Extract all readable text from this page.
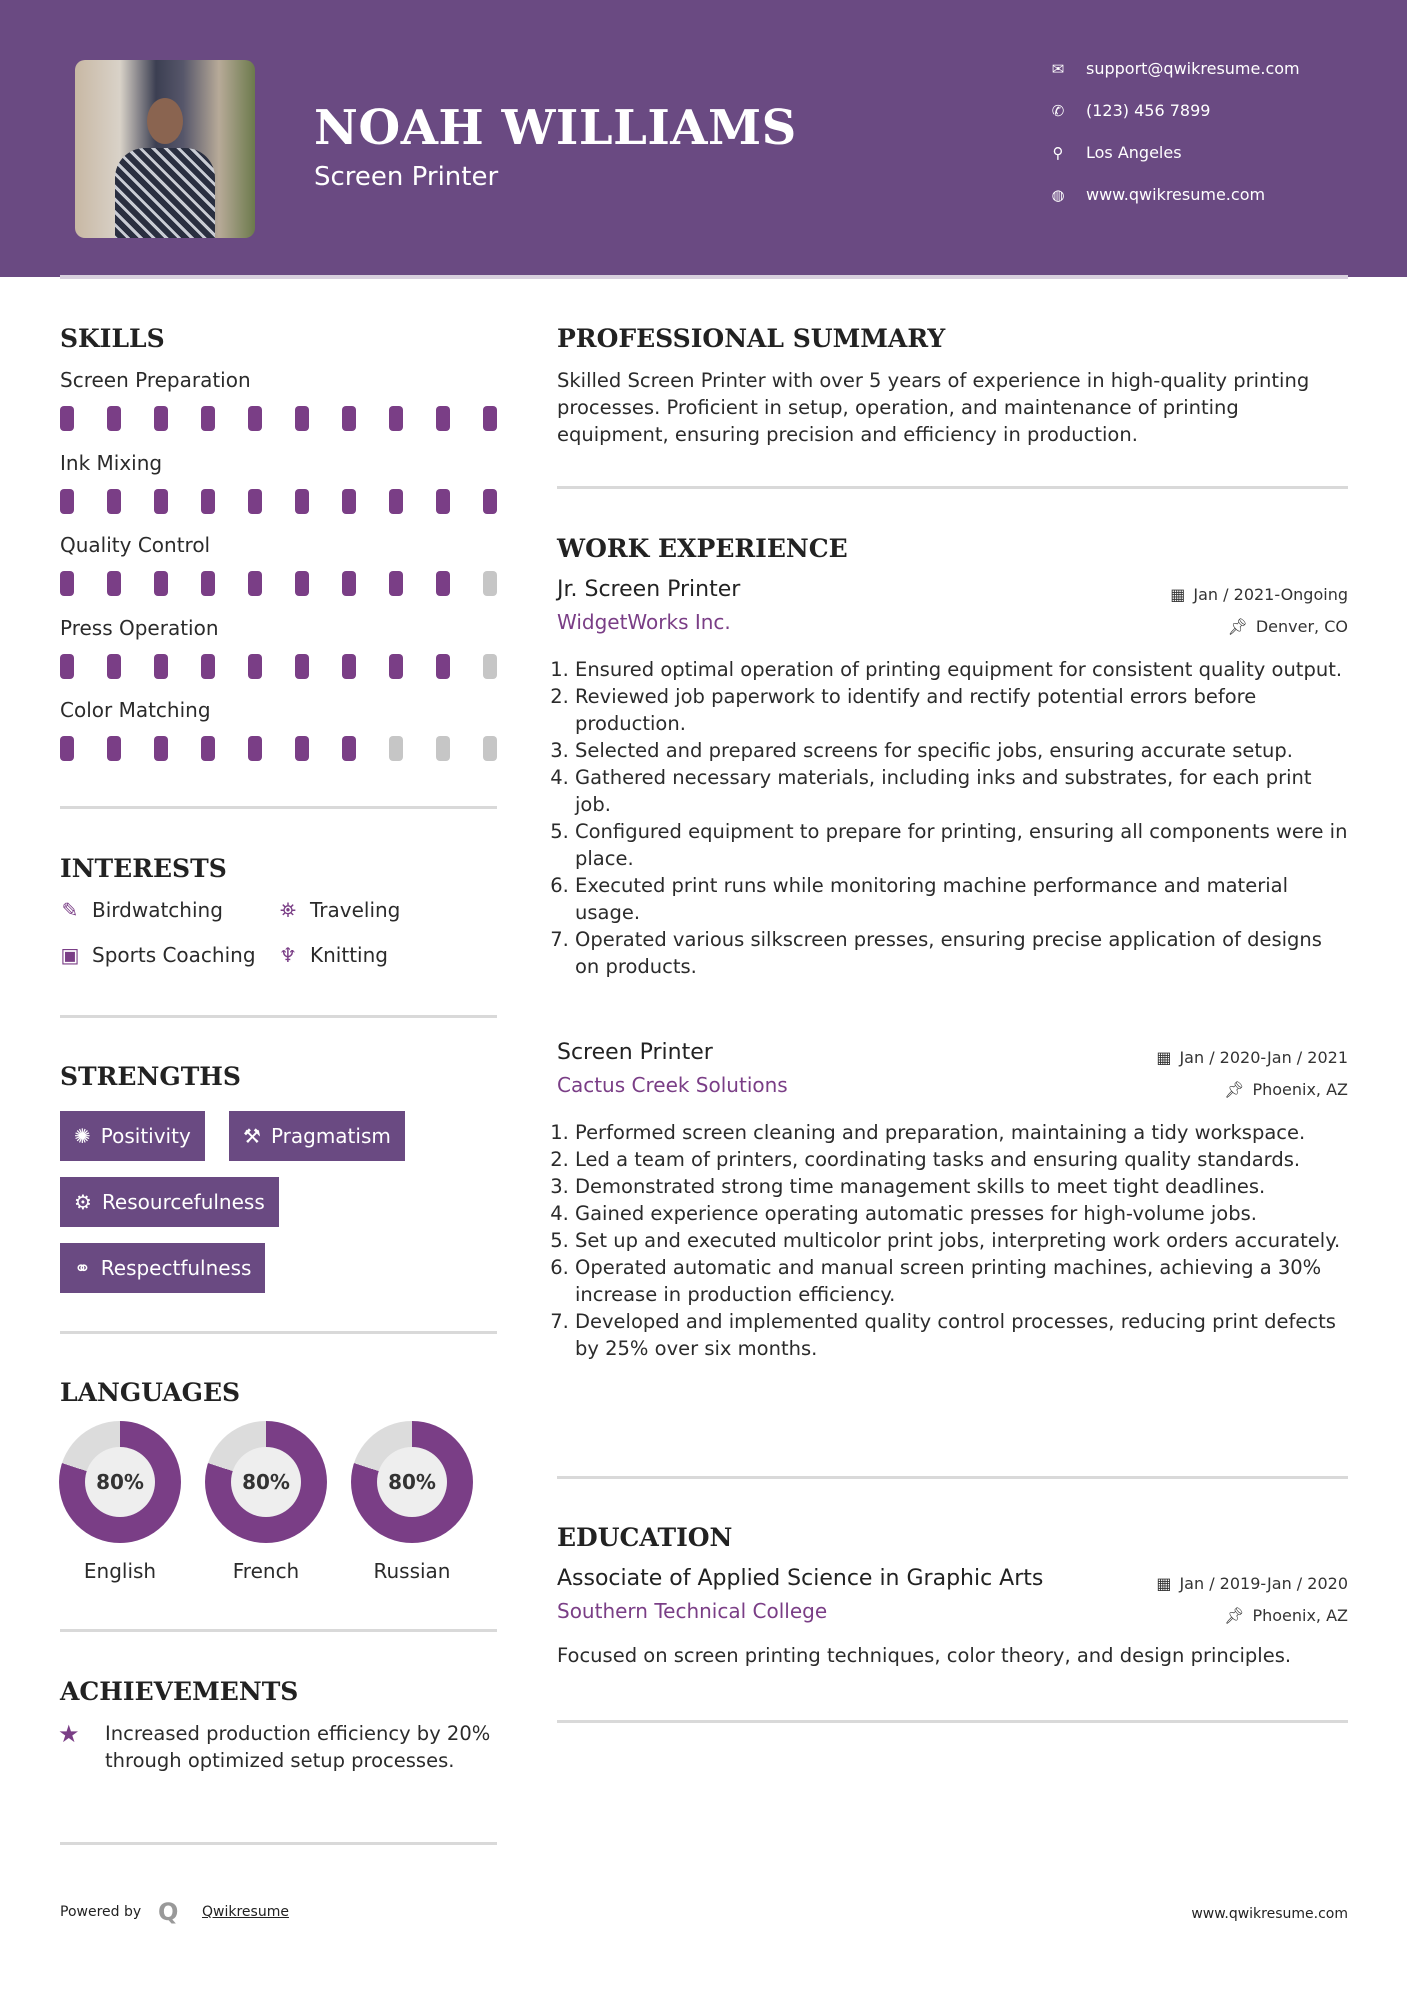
NOAH WILLIAMS
Screen Printer
✉ support@qwikresume.com
✆ (123) 456 7899
⚲ Los Angeles
◍ www.qwikresume.com
SKILLS
Screen Preparation
Ink Mixing
Quality Control
Press Operation
Color Matching
INTERESTS
✎ Birdwatching	⛯ Traveling
▣ Sports Coaching ♆ Knitting
STRENGTHS
✺ Positivity	⚒ Pragmatism
⚙ Resourcefulness
⚭ Respectfulness
LANGUAGES
80%
English
80%
French
80%
Russian
ACHIEVEMENTS
★ Increased production efficiency by 20% through optimized setup processes.
PROFESSIONAL SUMMARY
Skilled Screen Printer with over 5 years of experience in high-quality printing processes. Proficient in setup, operation, and maintenance of printing equipment, ensuring precision and efficiency in production.
WORK EXPERIENCE
Jr. Screen Printer
WidgetWorks Inc.
▦ Jan / 2021-Ongoing
📌︎ Denver, CO
1. Ensured optimal operation of printing equipment for consistent quality output.
2. Reviewed job paperwork to identify and rectify potential errors before production.
3. Selected and prepared screens for specific jobs, ensuring accurate setup.
4. Gathered necessary materials, including inks and substrates, for each print job.
5. Configured equipment to prepare for printing, ensuring all components were in place.
6. Executed print runs while monitoring machine performance and material usage.
7. Operated various silkscreen presses, ensuring precise application of designs on products.
Screen Printer
Cactus Creek Solutions
▦ Jan / 2020-Jan / 2021
📌︎ Phoenix, AZ
1. Performed screen cleaning and preparation, maintaining a tidy workspace.
2. Led a team of printers, coordinating tasks and ensuring quality standards.
3. Demonstrated strong time management skills to meet tight deadlines.
4. Gained experience operating automatic presses for high-volume jobs.
5. Set up and executed multicolor print jobs, interpreting work orders accurately.
6. Operated automatic and manual screen printing machines, achieving a 30% increase in production efficiency.
7. Developed and implemented quality control processes, reducing print defects by 25% over six months.
EDUCATION
Associate of Applied Science in Graphic Arts
Southern Technical College
▦ Jan / 2019-Jan / 2020
📌︎ Phoenix, AZ
Focused on screen printing techniques, color theory, and design principles.
Powered by Q Qwikresume	www.qwikresume.com
